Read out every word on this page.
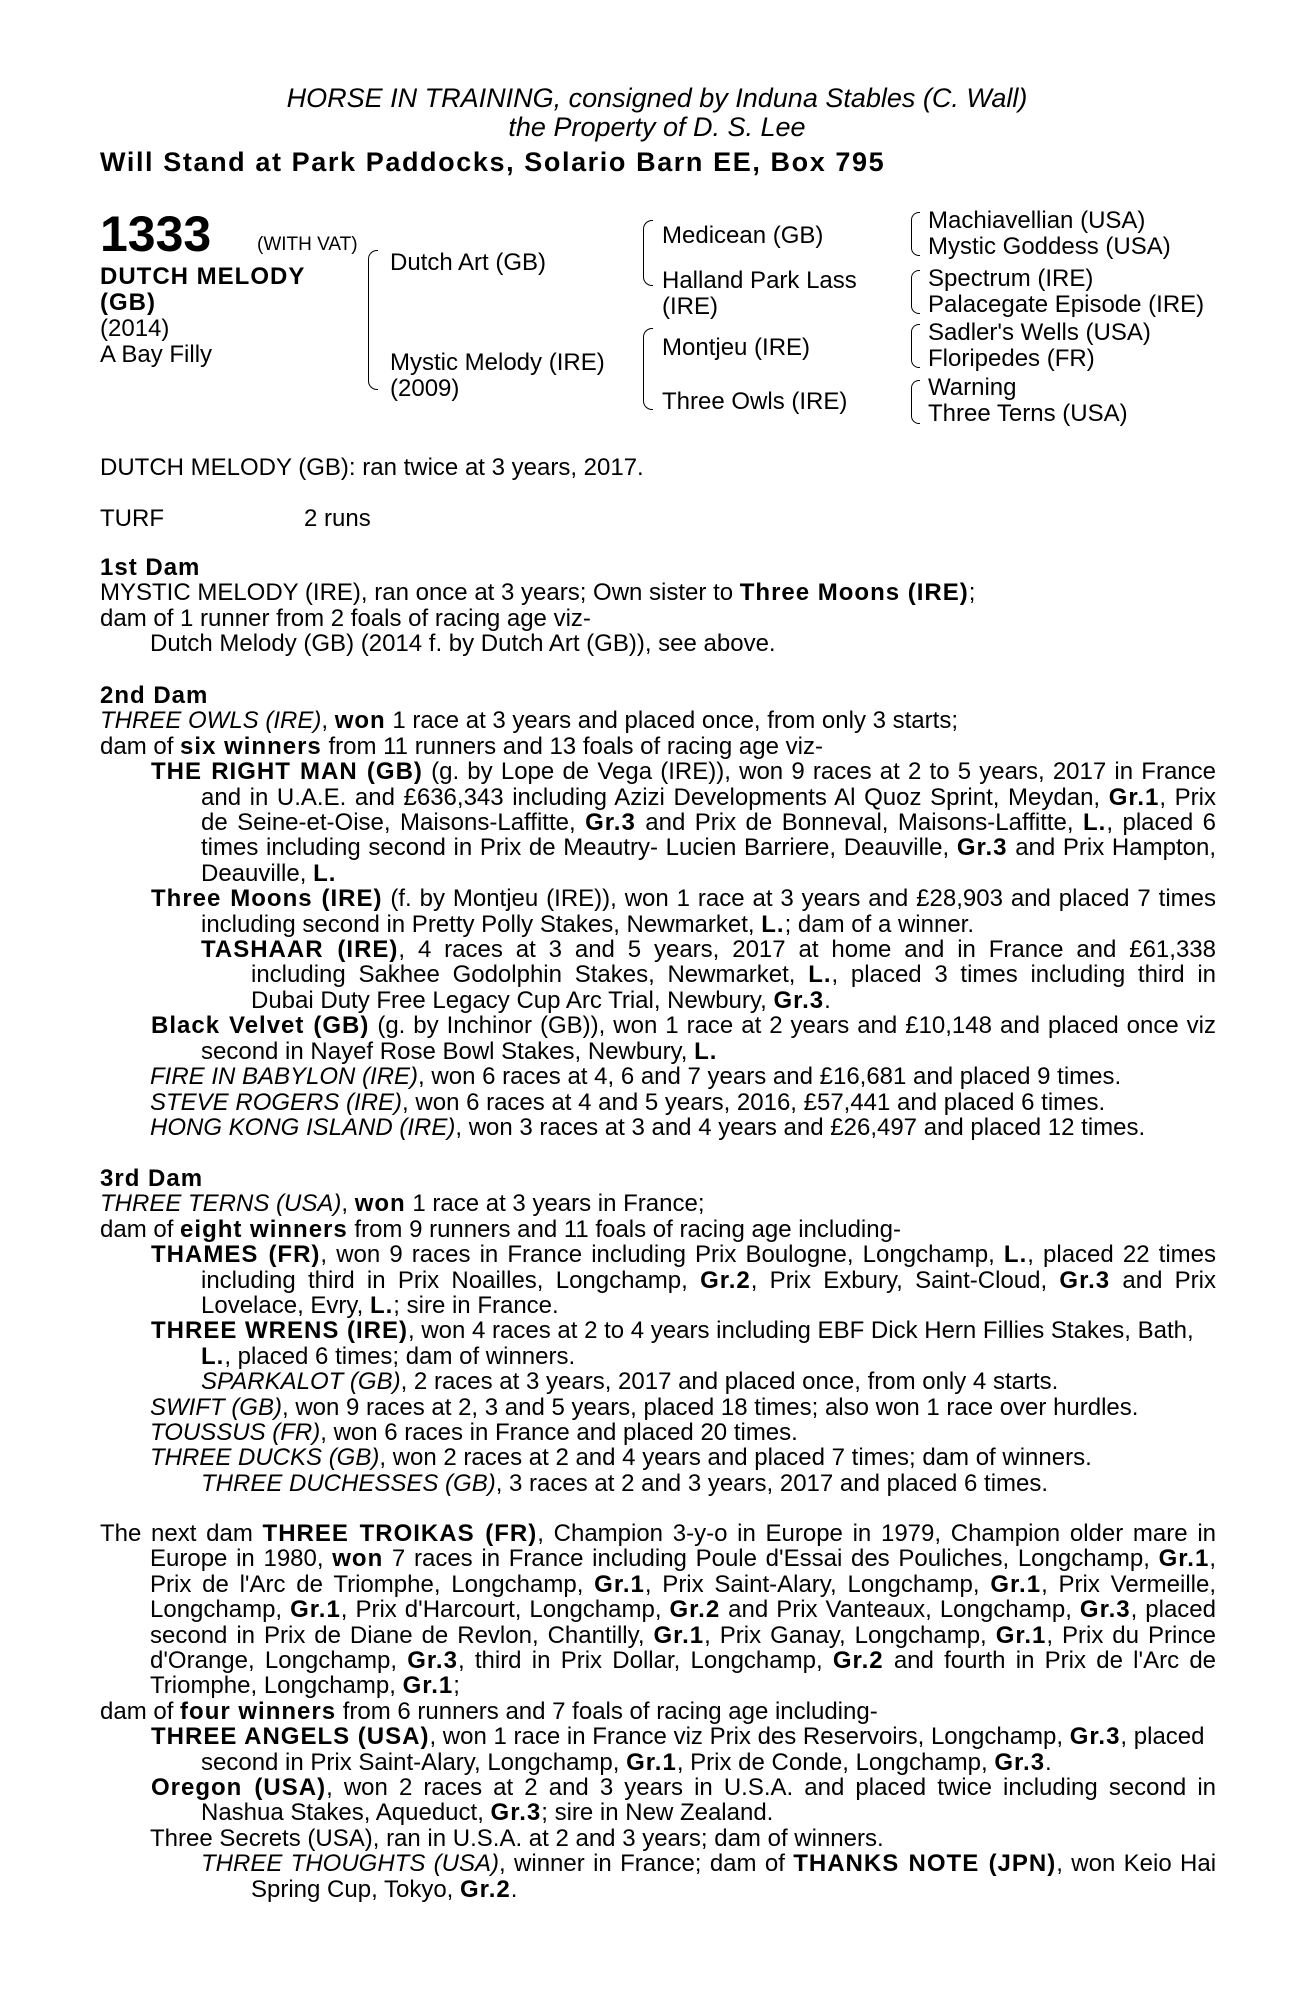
HORSE IN TRAINING, consigned by Induna Stables (C. Wall)
the Property of D. S. Lee
Will Stand at Park Paddocks, Solario Barn EE, Box 795
1333 (WITH VAT)
DUTCH MELODY
(GB)
(2014)
A Bay Filly
Dutch Art (GB)
Mystic Melody (IRE)
(2009)
Medicean (GB)
Halland Park Lass
(IRE)
Montjeu (IRE)
Three Owls (IRE)
Machiavellian (USA)
Mystic Goddess (USA)
Spectrum (IRE)
Palacegate Episode (IRE)
Sadler's Wells (USA)
Floripedes (FR)
Warning
Three Terns (USA)
DUTCH MELODY (GB): ran twice at 3 years, 2017.
TURF	2 runs
1st Dam
MYSTIC MELODY (IRE), ran once at 3 years; Own sister to Three Moons (IRE);
dam of 1 runner from 2 foals of racing age viz-
Dutch Melody (GB) (2014 f. by Dutch Art (GB)), see above.
2nd Dam
THREE OWLS (IRE), won 1 race at 3 years and placed once, from only 3 starts;
dam of six winners from 11 runners and 13 foals of racing age viz-
THE RIGHT MAN (GB) (g. by Lope de Vega (IRE)), won 9 races at 2 to 5 years, 2017 in France and in U.A.E. and £636,343 including Azizi Developments Al Quoz Sprint, Meydan, Gr.1, Prix de Seine-et-Oise, Maisons-Laffitte, Gr.3 and Prix de Bonneval, Maisons-Laffitte, L., placed 6 times including second in Prix de Meautry- Lucien Barriere, Deauville, Gr.3 and Prix Hampton, Deauville, L.
Three Moons (IRE) (f. by Montjeu (IRE)), won 1 race at 3 years and £28,903 and placed 7 times including second in Pretty Polly Stakes, Newmarket, L.; dam of a winner.
TASHAAR (IRE), 4 races at 3 and 5 years, 2017 at home and in France and £61,338 including Sakhee Godolphin Stakes, Newmarket, L., placed 3 times including third in Dubai Duty Free Legacy Cup Arc Trial, Newbury, Gr.3.
Black Velvet (GB) (g. by Inchinor (GB)), won 1 race at 2 years and £10,148 and placed once viz second in Nayef Rose Bowl Stakes, Newbury, L.
FIRE IN BABYLON (IRE), won 6 races at 4, 6 and 7 years and £16,681 and placed 9 times.
STEVE ROGERS (IRE), won 6 races at 4 and 5 years, 2016, £57,441 and placed 6 times.
HONG KONG ISLAND (IRE), won 3 races at 3 and 4 years and £26,497 and placed 12 times.
3rd Dam
THREE TERNS (USA), won 1 race at 3 years in France;
dam of eight winners from 9 runners and 11 foals of racing age including-
THAMES (FR), won 9 races in France including Prix Boulogne, Longchamp, L., placed 22 times including third in Prix Noailles, Longchamp, Gr.2, Prix Exbury, Saint-Cloud, Gr.3 and Prix Lovelace, Evry, L.; sire in France.
THREE WRENS (IRE), won 4 races at 2 to 4 years including EBF Dick Hern Fillies Stakes, Bath, L., placed 6 times; dam of winners.
SPARKALOT (GB), 2 races at 3 years, 2017 and placed once, from only 4 starts.
SWIFT (GB), won 9 races at 2, 3 and 5 years, placed 18 times; also won 1 race over hurdles.
TOUSSUS (FR), won 6 races in France and placed 20 times.
THREE DUCKS (GB), won 2 races at 2 and 4 years and placed 7 times; dam of winners.
THREE DUCHESSES (GB), 3 races at 2 and 3 years, 2017 and placed 6 times.
The next dam THREE TROIKAS (FR), Champion 3-y-o in Europe in 1979, Champion older mare in Europe in 1980, won 7 races in France including Poule d'Essai des Pouliches, Longchamp, Gr.1, Prix de l'Arc de Triomphe, Longchamp, Gr.1, Prix Saint-Alary, Longchamp, Gr.1, Prix Vermeille, Longchamp, Gr.1, Prix d'Harcourt, Longchamp, Gr.2 and Prix Vanteaux, Longchamp, Gr.3, placed second in Prix de Diane de Revlon, Chantilly, Gr.1, Prix Ganay, Longchamp, Gr.1, Prix du Prince d'Orange, Longchamp, Gr.3, third in Prix Dollar, Longchamp, Gr.2 and fourth in Prix de l'Arc de Triomphe, Longchamp, Gr.1;
dam of four winners from 6 runners and 7 foals of racing age including-
THREE ANGELS (USA), won 1 race in France viz Prix des Reservoirs, Longchamp, Gr.3, placed second in Prix Saint-Alary, Longchamp, Gr.1, Prix de Conde, Longchamp, Gr.3.
Oregon (USA), won 2 races at 2 and 3 years in U.S.A. and placed twice including second in Nashua Stakes, Aqueduct, Gr.3; sire in New Zealand.
Three Secrets (USA), ran in U.S.A. at 2 and 3 years; dam of winners.
THREE THOUGHTS (USA), winner in France; dam of THANKS NOTE (JPN), won Keio Hai Spring Cup, Tokyo, Gr.2.
